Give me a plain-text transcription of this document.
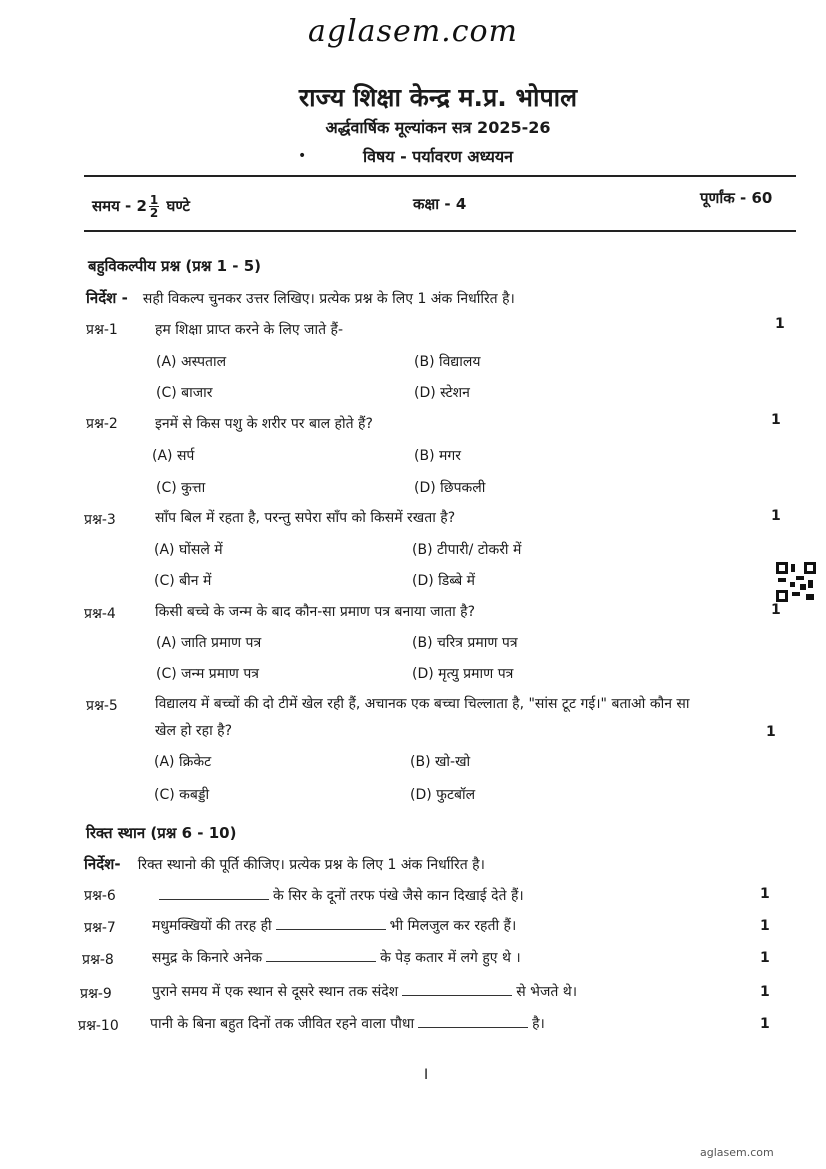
aglasem.com
राज्य शिक्षा केन्द्र म.प्र. भोपाल
अर्द्धवार्षिक मूल्यांकन सत्र 2025-26
•	विषय - पर्यावरण अध्ययन
समय - $2 \frac{1}{2}$ घण्टे	कक्षा - 4	पूर्णांक - 60
बहुविकल्पीय प्रश्न (प्रश्न 1 - 5)
निर्देश - सही विकल्प चुनकर उत्तर लिखिए। प्रत्येक प्रश्न के लिए 1 अंक निर्धारित है।
प्रश्न-1	हम शिक्षा प्राप्त करने के लिए जाते हैं-	1
(A) अस्पताल	(B) विद्यालय
(C) बाजार	(D) स्टेशन
प्रश्न-2	इनमें से किस पशु के शरीर पर बाल होते हैं?	1
(A) सर्प	(B) मगर
(C) कुत्ता	(D) छिपकली
प्रश्न-3	साँप बिल में रहता है, परन्तु सपेरा साँप को किसमें रखता है?	1
(A) घोंसले में	(B) टीपारी/ टोकरी में
(C) बीन में	(D) डिब्बे में
प्रश्न-4	किसी बच्चे के जन्म के बाद कौन-सा प्रमाण पत्र बनाया जाता है?	1
(A) जाति प्रमाण पत्र	(B) चरित्र प्रमाण पत्र
(C) जन्म प्रमाण पत्र	(D) मृत्यु प्रमाण पत्र
प्रश्न-5	विद्यालय में बच्चों की दो टीमें खेल रही हैं, अचानक एक बच्चा चिल्लाता है, "सांस टूट गई।" बताओ कौन सा
खेल हो रहा है?	1
(A) क्रिकेट	(B) खो-खो
(C) कबड्डी	(D) फुटबॉल
रिक्त स्थान (प्रश्न 6 - 10)
निर्देश- रिक्त स्थानो की पूर्ति कीजिए। प्रत्येक प्रश्न के लिए 1 अंक निर्धारित है।
प्रश्न-6	के सिर के दूनों तरफ पंखे जैसे कान दिखाई देते हैं।	1
प्रश्न-7	मधुमक्खियों की तरह ही	भी मिलजुल कर रहती हैं।	1
प्रश्न-8	समुद्र के किनारे अनेक	के पेड़ कतार में लगे हुए थे ।	1
प्रश्न-9	पुराने समय में एक स्थान से दूसरे स्थान तक संदेश	से भेजते थे।	1
प्रश्न-10 पानी के बिना बहुत दिनों तक जीवित रहने वाला पौधा	है।	1
I
aglasem.com
